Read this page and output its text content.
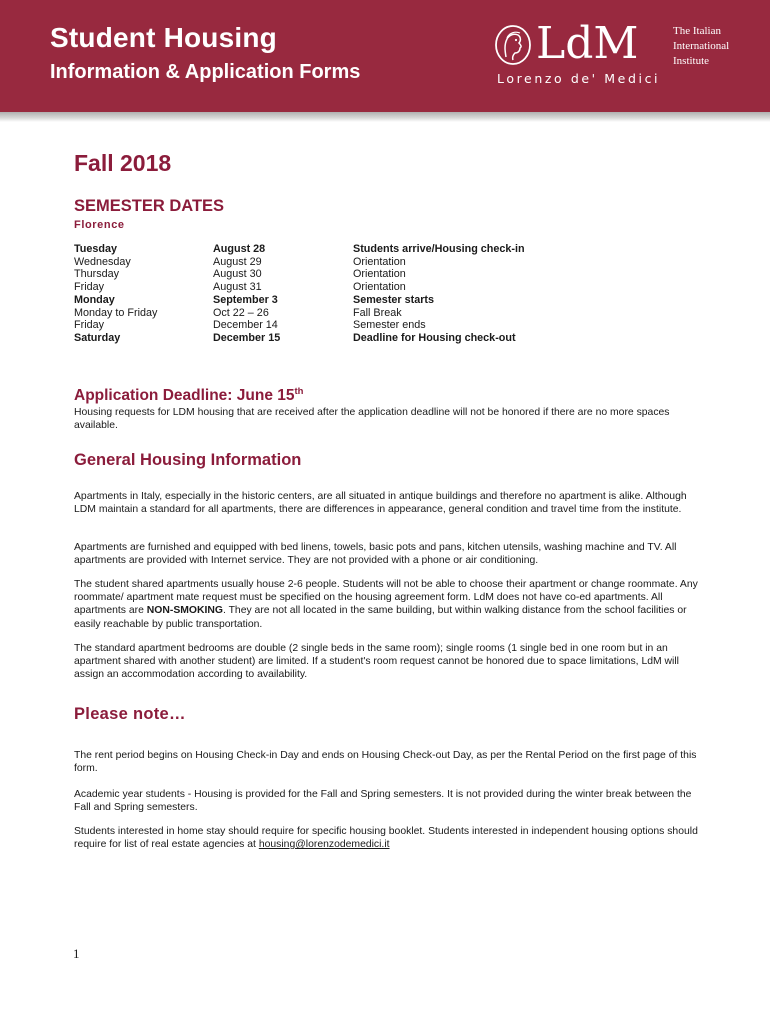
Student Housing
Information & Application Forms
LdM	The Italian
International
Institute
Lorenzo de' Medici
Fall 2018
SEMESTER DATES
Florence
Tuesday	August 28	Students arrive/Housing check-in
Wednesday	August 29	Orientation
Thursday	August 30	Orientation
Friday	August 31	Orientation
Monday	September 3	Semester starts
Monday to Friday	Oct 22 – 26	Fall Break
Friday	December 14	Semester ends
Saturday	December 15	Deadline for Housing check-out
Application Deadline: June 15th

Housing requests for LDM housing that are received after the application deadline will not be honored if there are no more spaces available.

General Housing Information

Apartments in Italy, especially in the historic centers, are all situated in antique buildings and therefore no apartment is alike. Although LDM maintain a standard for all apartments, there are differences in appearance, general condition and travel time from the institute.

Apartments are furnished and equipped with bed linens, towels, basic pots and pans, kitchen utensils, washing machine and TV. All apartments are provided with Internet service. They are not provided with a phone or air conditioning.

The student shared apartments usually house 2-6 people. Students will not be able to choose their apartment or change roommate. Any roommate/ apartment mate request must be specified on the housing agreement form. LdM does not have co-ed apartments. All apartments are NON-SMOKING. They are not all located in the same building, but within walking distance from the school facilities or easily reachable by public transportation.

The standard apartment bedrooms are double (2 single beds in the same room); single rooms (1 single bed in one room but in an apartment shared with another student) are limited. If a student's room request cannot be honored due to space limitations, LdM will assign an accommodation according to availability.

Please note…

The rent period begins on Housing Check-in Day and ends on Housing Check-out Day, as per the Rental Period on the first page of this form.

Academic year students - Housing is provided for the Fall and Spring semesters. It is not provided during the winter break between the Fall and Spring semesters.

Students interested in home stay should require for specific housing booklet. Students interested in independent housing options should require for list of real estate agencies at housing@lorenzodemedici.it

1
